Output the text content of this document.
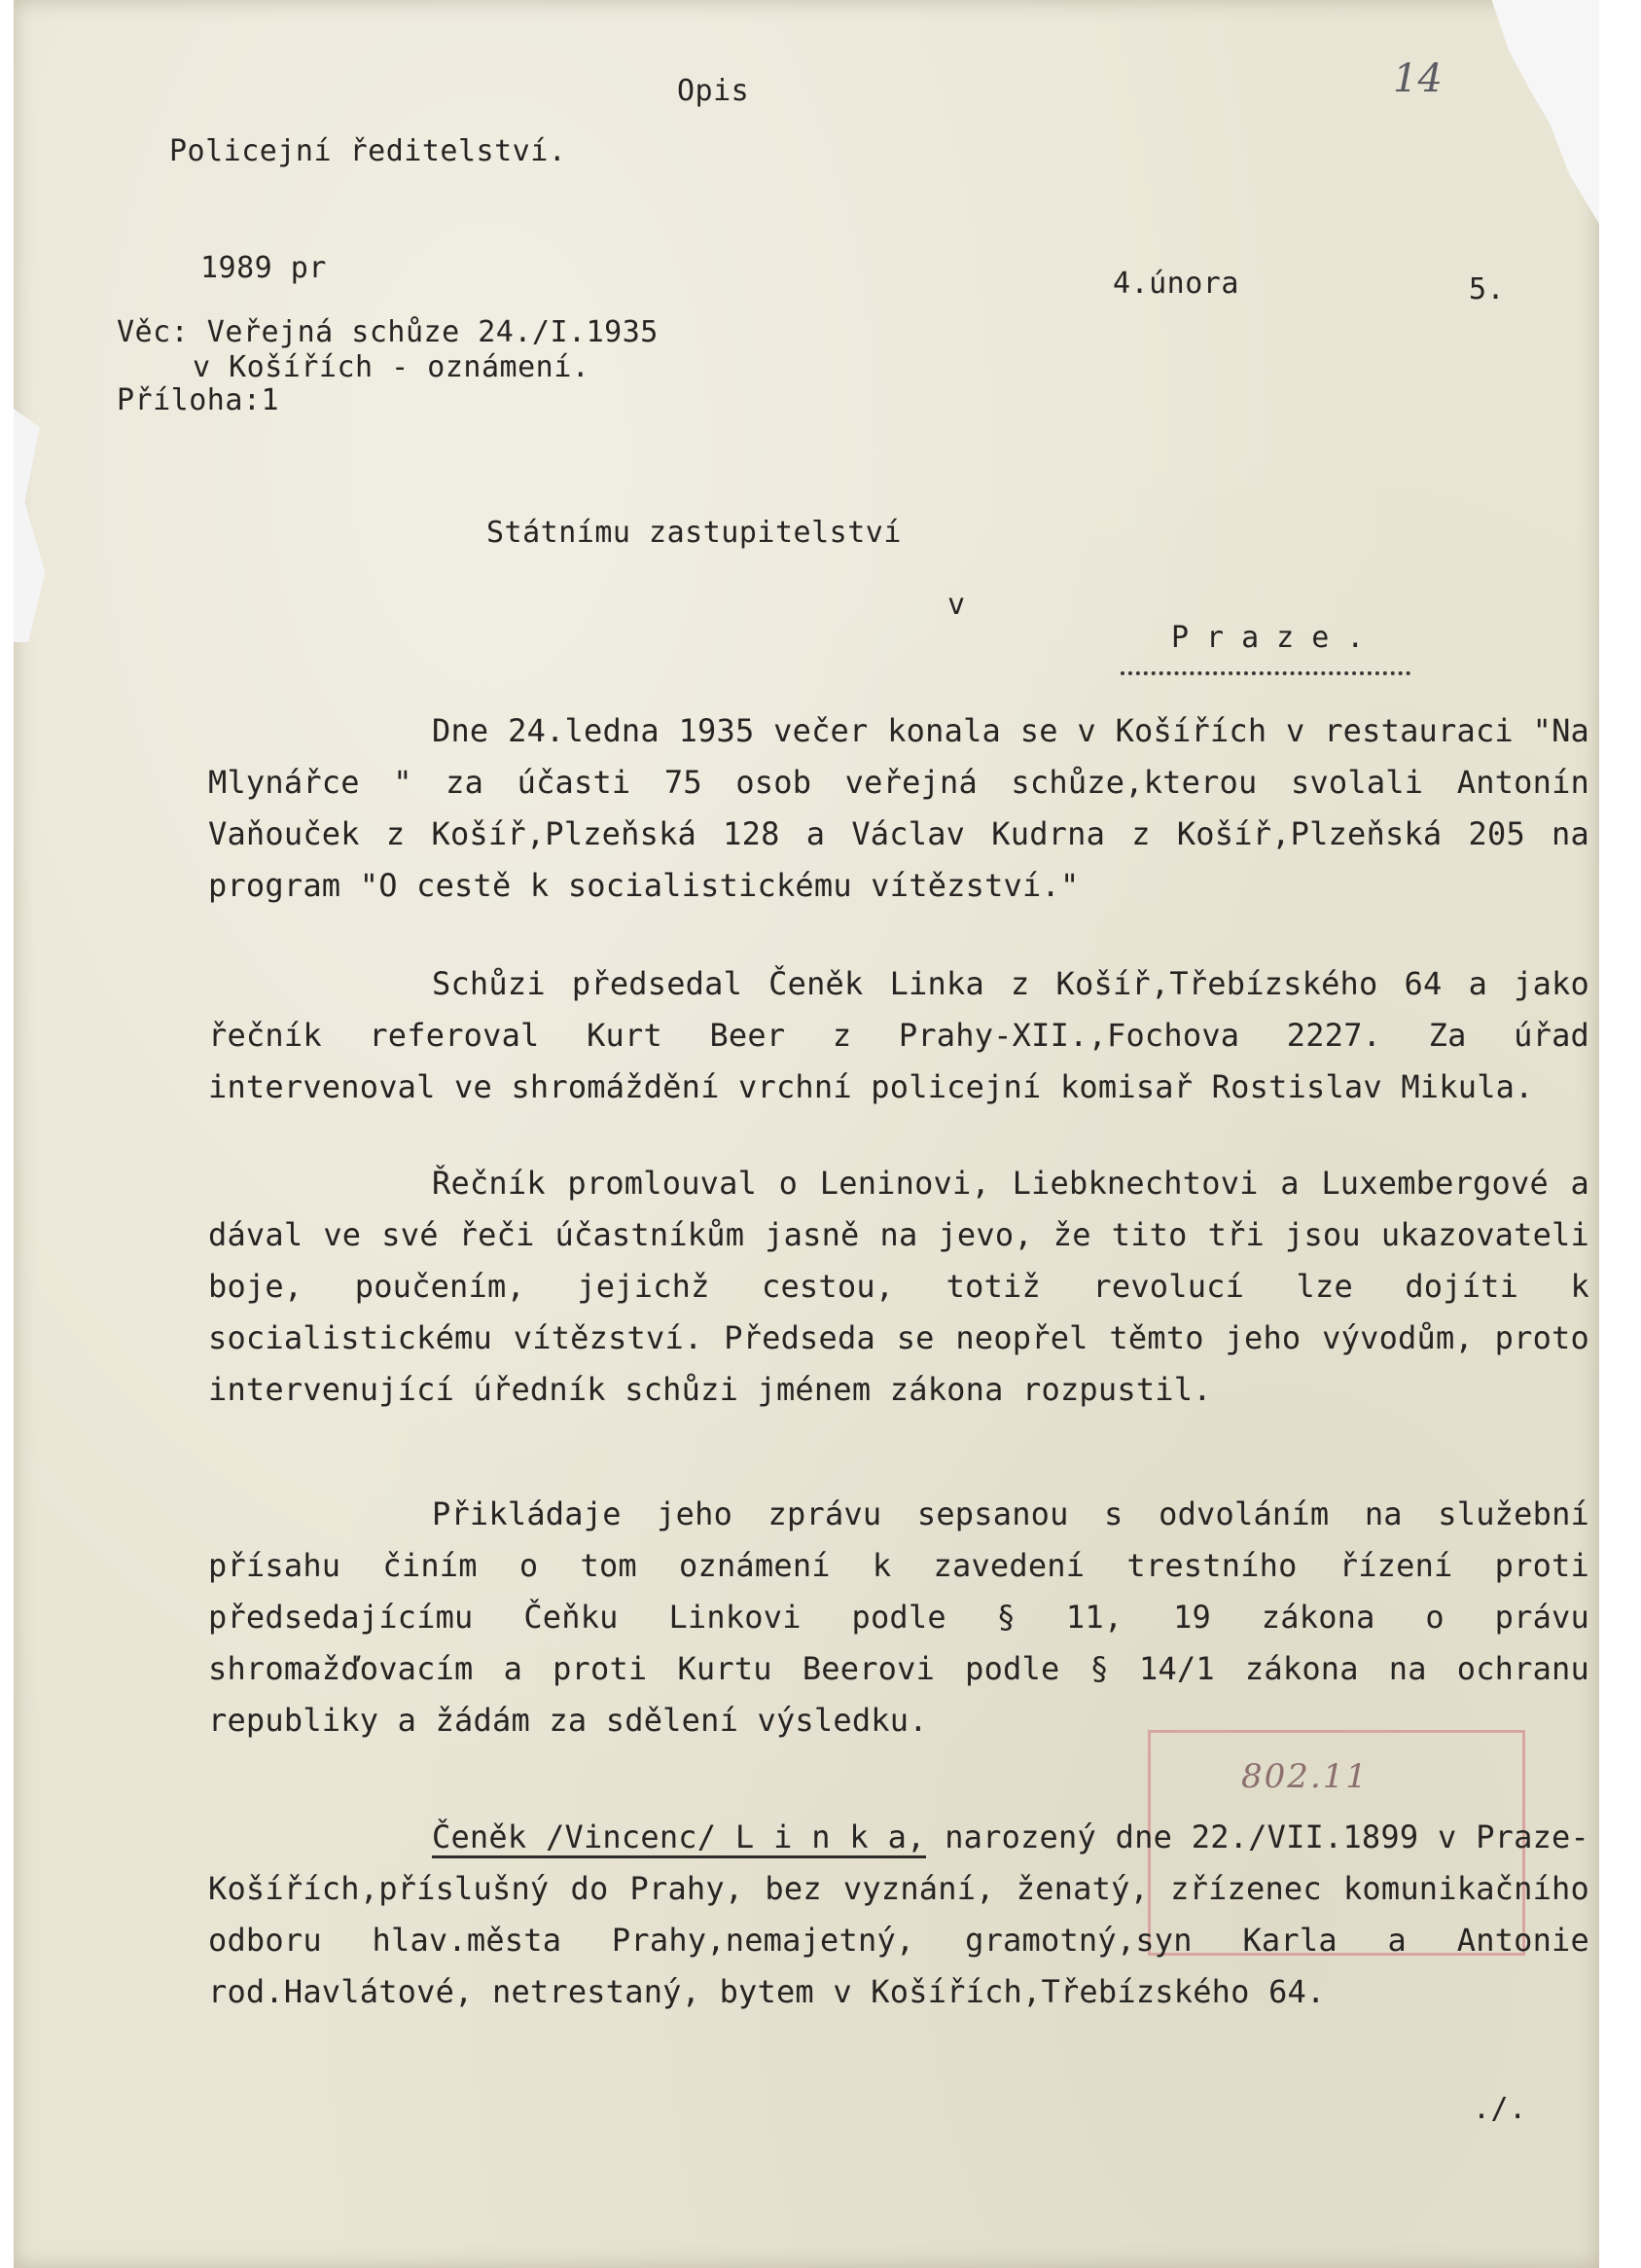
Opis	14

Policejní ředitelství.

1989 pr	4.února	5.

Věc: Veřejná schůze 24./I.1935

v Košířích - oznámení.

Příloha:1

Státnímu zastupitelství

v

Praze.

Dne 24.ledna 1935 večer konala se v Košířích v restauraci "Na Mlynářce " za účasti 75 osob veřejná schůze,kterou svolali Antonín Vaňouček z Košíř,Plzeňská 128 a Václav Kudrna z Košíř,Plzeňská 205 na program "O cestě k socialistickému vítězství."

Schůzi předsedal Čeněk Linka z Košíř,Třebízského 64 a jako řečník referoval Kurt Beer z Prahy-XII.,Fochova 2227. Za úřad intervenoval ve shromáždění vrchní policejní komisař Rostislav Mikula.

Řečník promlouval o Leninovi, Liebknechtovi a Luxembergové a dával ve své řeči účastníkům jasně na jevo, že tito tři jsou ukazovateli boje, poučením, jejichž cestou, totiž revolucí lze dojíti k socialistickému vítězství. Předseda se neopřel těmto jeho vývodům, proto intervenující úředník schůzi jménem zákona rozpustil.

Přikládaje jeho zprávu sepsanou s odvoláním na služební přísahu činím o tom oznámení k zavedení trestního řízení proti předsedajícímu Čeňku Linkovi podle § 11, 19 zákona o právu shromažďovacím a proti Kurtu Beerovi podle § 14/1 zákona na ochranu republiky a žádám za sdělení výsledku.

802.11

Čeněk /Vincenc/ L i n k a, narozený dne 22./VII.1899 v Praze-Košířích,příslušný do Prahy, bez vyznání, ženatý, zřízenec komunikačního odboru hlav.města Prahy,nemajetný, gramotný,syn Karla a Antonie rod.Havlátové, netrestaný, bytem v Košířích,Třebízského 64.

./.
